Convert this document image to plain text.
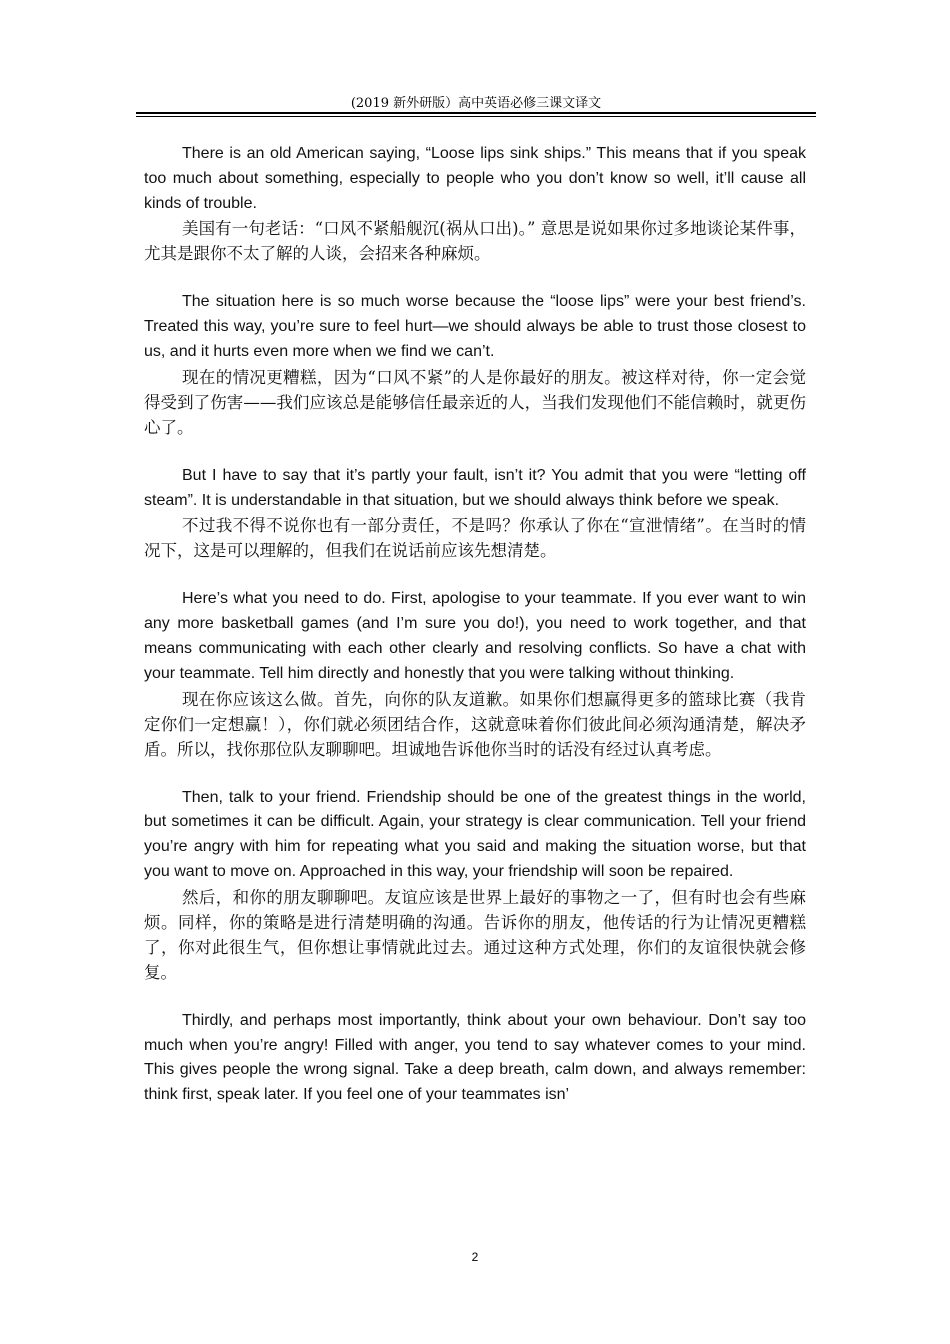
(2019 新外研版）高中英语必修三课文译文

There is an old American saying, “Loose lips sink ships.” This means that if you speak too much about something, especially to people who you don’t know so well, it’ll cause all kinds of trouble.

美国有一句老话：“口风不紧船舰沉(祸从口出)。” 意思是说如果你过多地谈论某件事，尤其是跟你不太了解的人谈，会招来各种麻烦。

The situation here is so much worse because the “loose lips” were your best friend’s. Treated this way, you’re sure to feel hurt—we should always be able to trust those closest to us, and it hurts even more when we find we can’t.

现在的情况更糟糕，因为“口风不紧”的人是你最好的朋友。被这样对待，你一定会觉得受到了伤害——我们应该总是能够信任最亲近的人，当我们发现他们不能信赖时，就更伤心了。

But I have to say that it’s partly your fault, isn’t it? You admit that you were “letting off steam”. It is understandable in that situation, but we should always think before we speak.

不过我不得不说你也有一部分责任，不是吗？你承认了你在“宣泄情绪”。在当时的情况下，这是可以理解的，但我们在说话前应该先想清楚。

Here’s what you need to do. First, apologise to your teammate. If you ever want to win any more basketball games (and I’m sure you do!), you need to work together, and that means communicating with each other clearly and resolving conflicts. So have a chat with your teammate. Tell him directly and honestly that you were talking without thinking.

现在你应该这么做。首先，向你的队友道歉。如果你们想赢得更多的篮球比赛（我肯定你们一定想赢！），你们就必须团结合作，这就意味着你们彼此间必须沟通清楚，解决矛盾。所以，找你那位队友聊聊吧。坦诚地告诉他你当时的话没有经过认真考虑。

Then, talk to your friend. Friendship should be one of the greatest things in the world, but sometimes it can be difficult. Again, your strategy is clear communication. Tell your friend you’re angry with him for repeating what you said and making the situation worse, but that you want to move on. Approached in this way, your friendship will soon be repaired.

然后，和你的朋友聊聊吧。友谊应该是世界上最好的事物之一了，但有时也会有些麻烦。同样，你的策略是进行清楚明确的沟通。告诉你的朋友，他传话的行为让情况更糟糕了，你对此很生气，但你想让事情就此过去。通过这种方式处理，你们的友谊很快就会修复。

Thirdly, and perhaps most importantly, think about your own behaviour. Don’t say too much when you’re angry! Filled with anger, you tend to say whatever comes to your mind. This gives people the wrong signal. Take a deep breath, calm down, and always remember: think first, speak later. If you feel one of your teammates isn’

2
